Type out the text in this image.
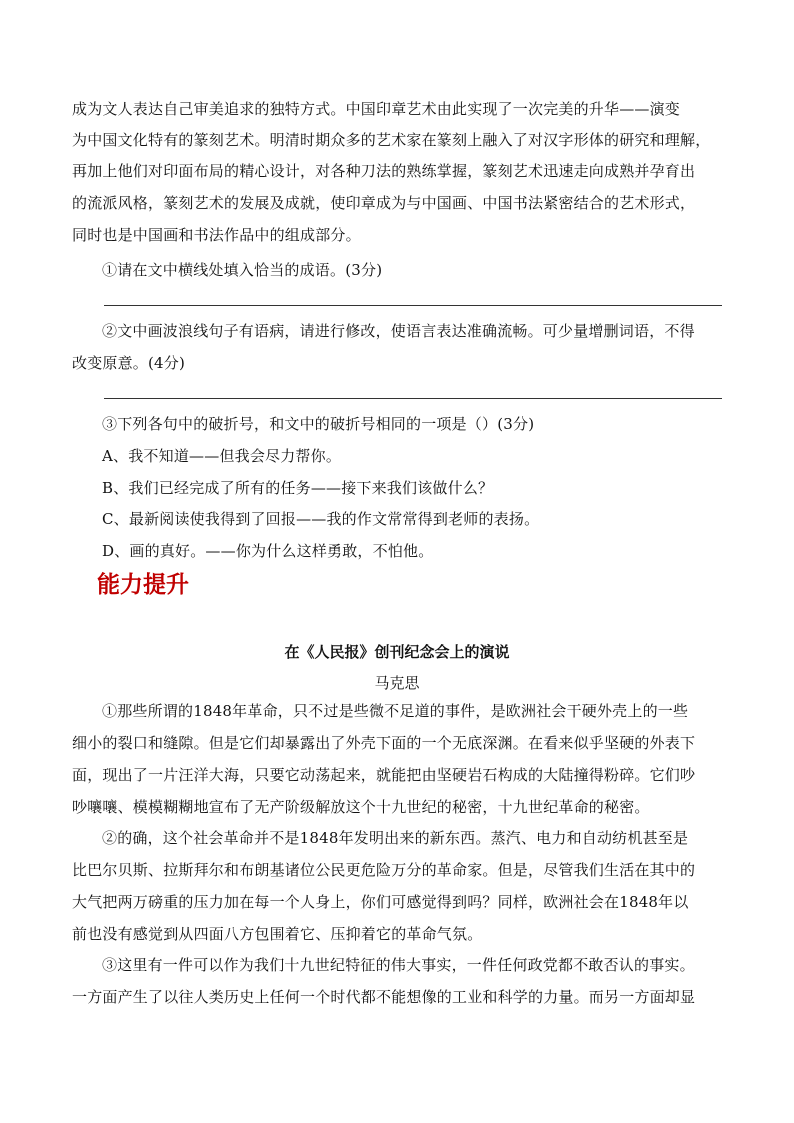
成为文人表达自己审美追求的独特方式。中国印章艺术由此实现了一次完美的升华——演变
为中国文化特有的篆刻艺术。明清时期众多的艺术家在篆刻上融入了对汉字形体的研究和理解，
再加上他们对印面布局的精心设计，对各种刀法的熟练掌握，篆刻艺术迅速走向成熟并孕育出
的流派风格，篆刻艺术的发展及成就，使印章成为与中国画、中国书法紧密结合的艺术形式，
同时也是中国画和书法作品中的组成部分。
①请在文中横线处填入恰当的成语。(3分)
②文中画波浪线句子有语病，请进行修改，使语言表达准确流畅。可少量增删词语，不得
改变原意。(4分)
③下列各句中的破折号，和文中的破折号相同的一项是（）(3分)
A、我不知道——但我会尽力帮你。
B、我们已经完成了所有的任务——接下来我们该做什么？
C、最新阅读使我得到了回报——我的作文常常得到老师的表扬。
D、画的真好。——你为什么这样勇敢，不怕他。
能力提升
在《人民报》创刊纪念会上的演说
马克思
①那些所谓的1848年革命，只不过是些微不足道的事件，是欧洲社会干硬外壳上的一些
细小的裂口和缝隙。但是它们却暴露出了外壳下面的一个无底深渊。在看来似乎坚硬的外表下
面，现出了一片汪洋大海，只要它动荡起来，就能把由坚硬岩石构成的大陆撞得粉碎。它们吵
吵嚷嚷、模模糊糊地宣布了无产阶级解放这个十九世纪的秘密，十九世纪革命的秘密。
②的确，这个社会革命并不是1848年发明出来的新东西。蒸汽、电力和自动纺机甚至是
比巴尔贝斯、拉斯拜尔和布朗基诸位公民更危险万分的革命家。但是，尽管我们生活在其中的
大气把两万磅重的压力加在每一个人身上，你们可感觉得到吗？同样，欧洲社会在1848年以
前也没有感觉到从四面八方包围着它、压抑着它的革命气氛。
③这里有一件可以作为我们十九世纪特征的伟大事实，一件任何政党都不敢否认的事实。
一方面产生了以往人类历史上任何一个时代都不能想像的工业和科学的力量。而另一方面却显
